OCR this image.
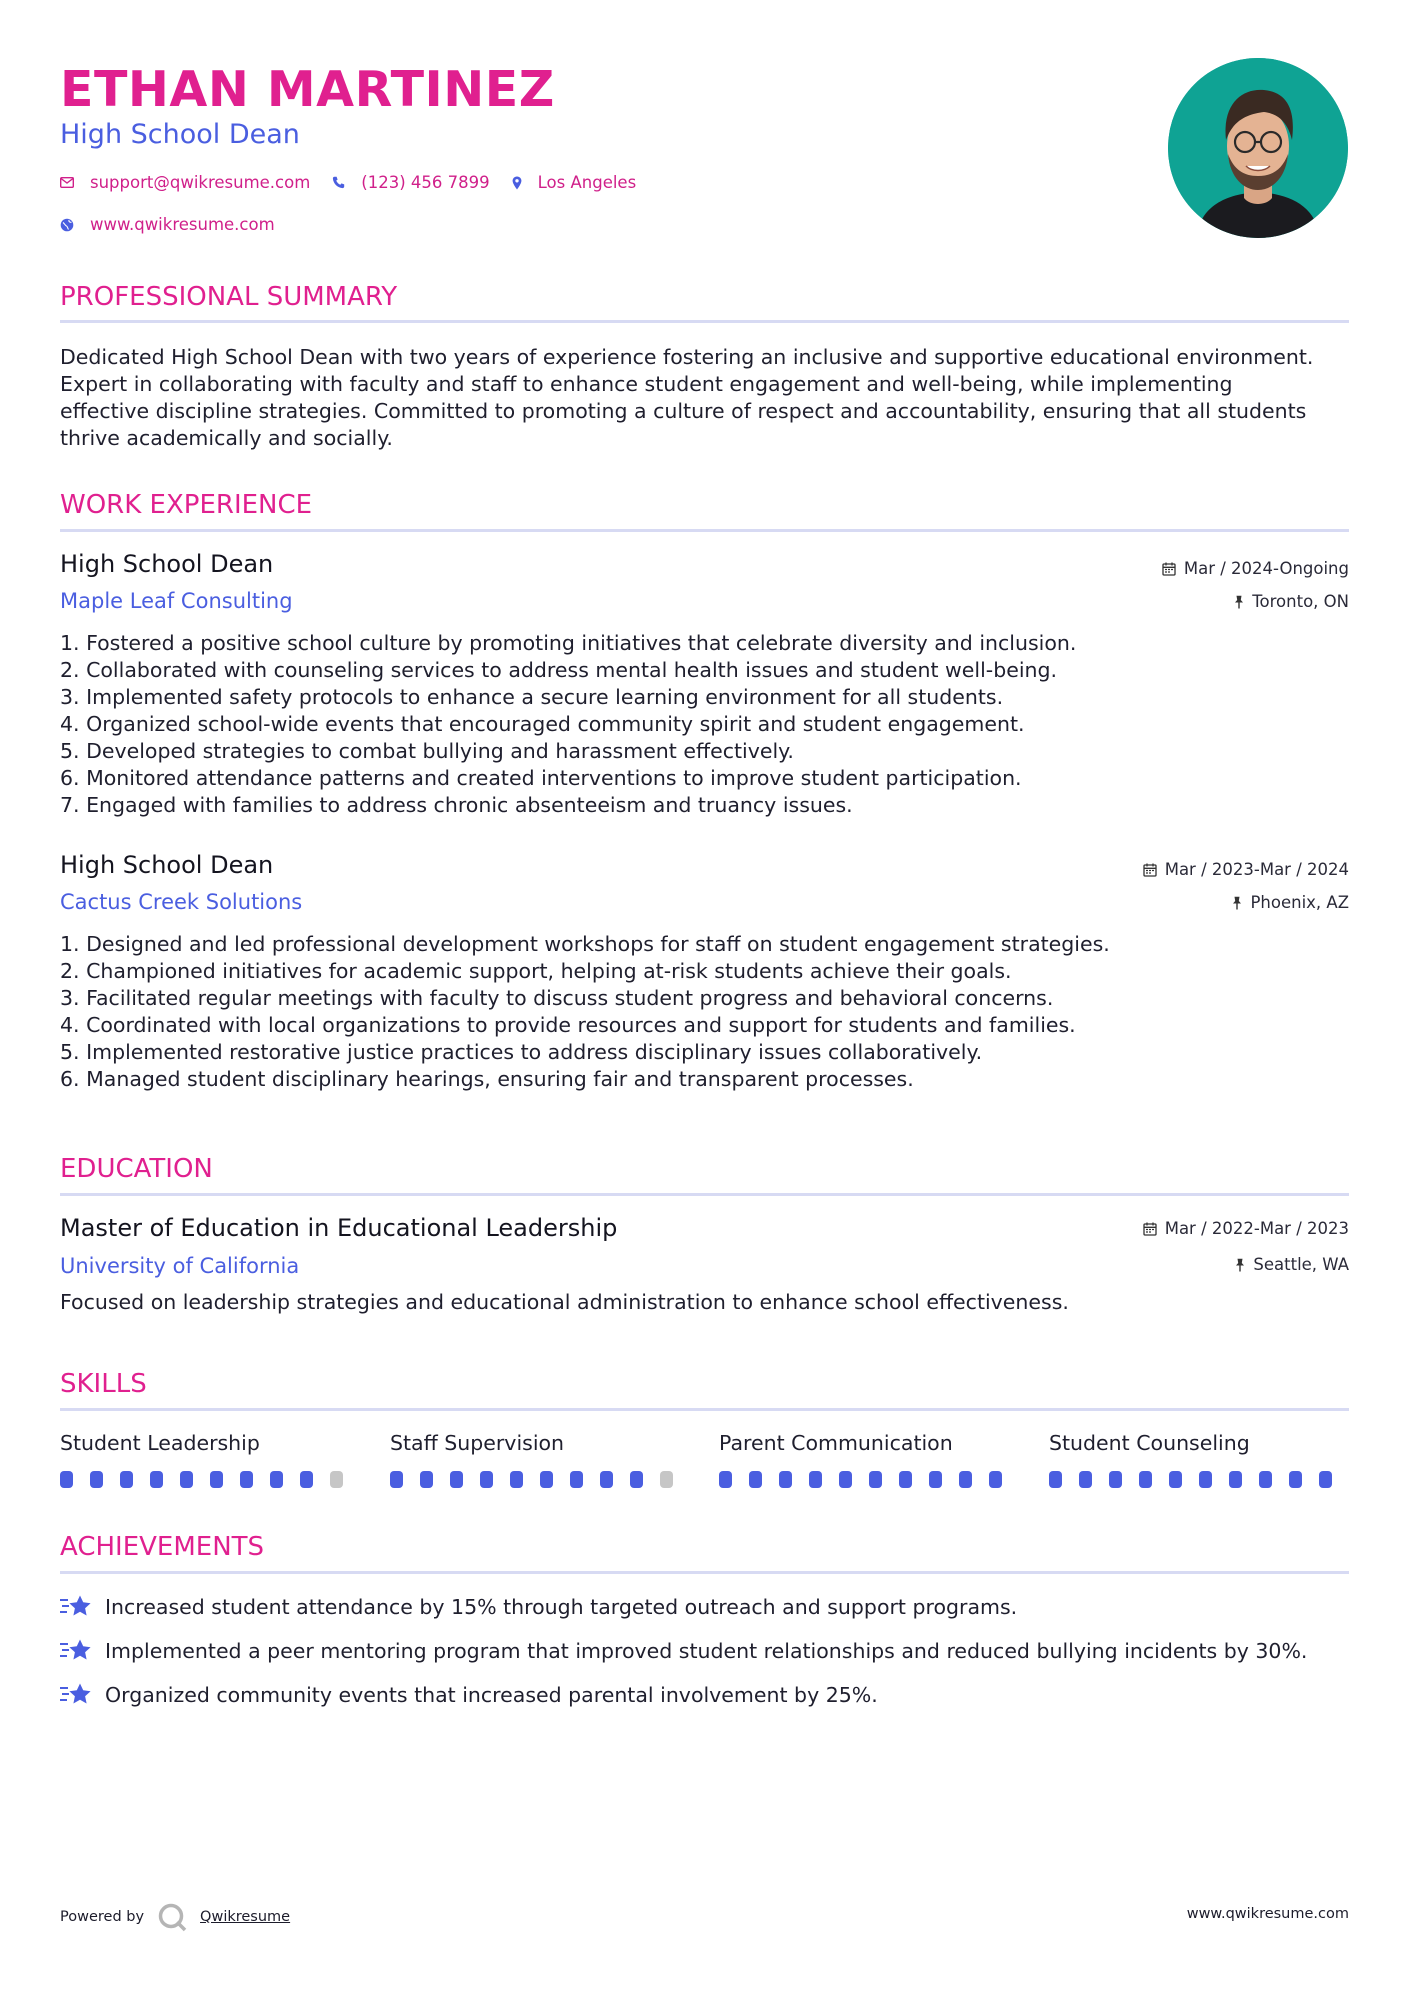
ETHAN MARTINEZ
High School Dean
support@qwikresume.com	(123) 456 7899	Los Angeles
www.qwikresume.com
PROFESSIONAL SUMMARY
Dedicated High School Dean with two years of experience fostering an inclusive and supportive educational environment.
Expert in collaborating with faculty and staff to enhance student engagement and well-being, while implementing
effective discipline strategies. Committed to promoting a culture of respect and accountability, ensuring that all students
thrive academically and socially.
WORK EXPERIENCE
High School Dean	Mar / 2024-Ongoing
Maple Leaf Consulting	Toronto, ON
1. Fostered a positive school culture by promoting initiatives that celebrate diversity and inclusion.
2. Collaborated with counseling services to address mental health issues and student well-being.
3. Implemented safety protocols to enhance a secure learning environment for all students.
4. Organized school-wide events that encouraged community spirit and student engagement.
5. Developed strategies to combat bullying and harassment effectively.
6. Monitored attendance patterns and created interventions to improve student participation.
7. Engaged with families to address chronic absenteeism and truancy issues.
High School Dean	Mar / 2023-Mar / 2024
Cactus Creek Solutions	Phoenix, AZ
1. Designed and led professional development workshops for staff on student engagement strategies.
2. Championed initiatives for academic support, helping at-risk students achieve their goals.
3. Facilitated regular meetings with faculty to discuss student progress and behavioral concerns.
4. Coordinated with local organizations to provide resources and support for students and families.
5. Implemented restorative justice practices to address disciplinary issues collaboratively.
6. Managed student disciplinary hearings, ensuring fair and transparent processes.
EDUCATION
Master of Education in Educational Leadership	Mar / 2022-Mar / 2023
University of California	Seattle, WA
Focused on leadership strategies and educational administration to enhance school effectiveness.
SKILLS
Student Leadership	Staff Supervision	Parent Communication	Student Counseling
ACHIEVEMENTS
Increased student attendance by 15% through targeted outreach and support programs.
Implemented a peer mentoring program that improved student relationships and reduced bullying incidents by 30%.
Organized community events that increased parental involvement by 25%.
Powered by	Qwikresume	www.qwikresume.com
